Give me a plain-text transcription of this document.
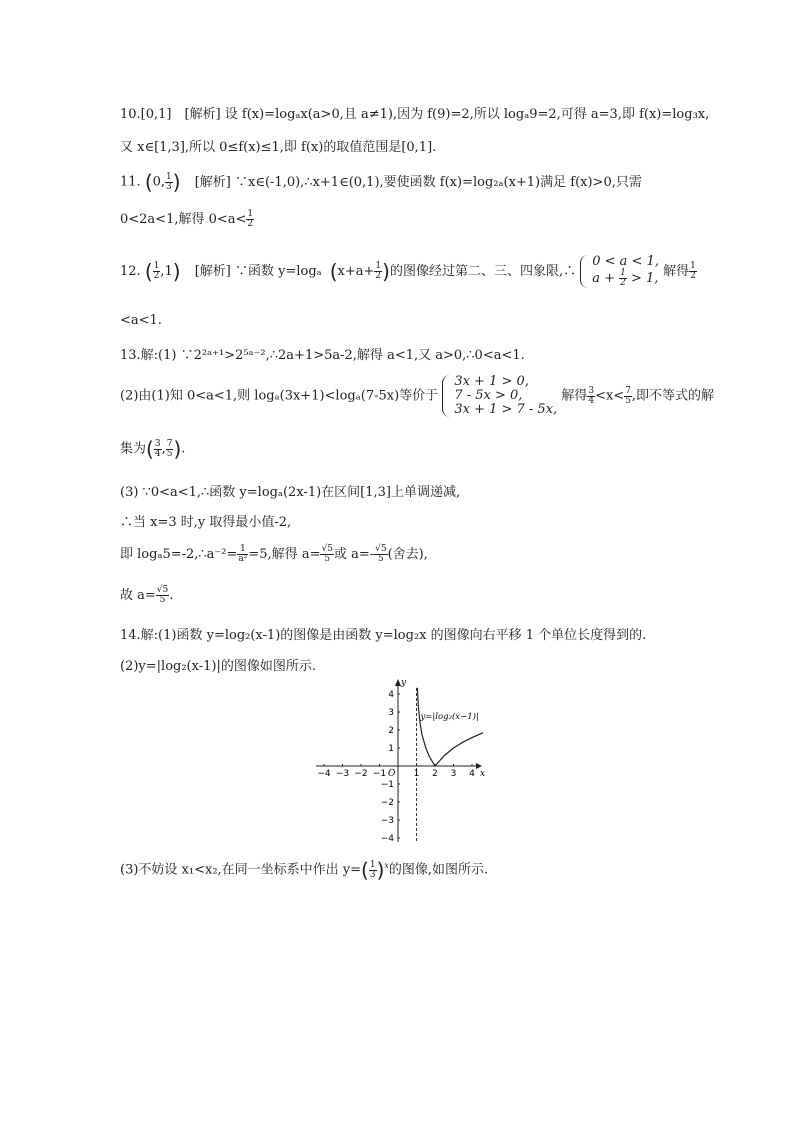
10.[0,1]　[解析] 设 f(x)=logₐx(a>0,且 a≠1),因为 f(9)=2,所以 logₐ9=2,可得 a=3,即 f(x)=log₃x,
又 x∈[1,3],所以 0≤f(x)≤1,即 f(x)的取值范围是[0,1].
11. (0, $\frac{1}{3}$ ) [解析] ∵x∈(-1,0),∴x+1∈(0,1),要使函数 f(x)=log₂ₐ(x+1)满足 f(x)>0,只需
0<2a<1,解得 $0<a< \frac{1}{2}$
12. ( $\frac{1}{2} ,1$) [解析] ∵函数 y=logₐ ($x+a+ \frac{1}{2}$ )的图像经过第二、三、四象限,∴
0 < a < 1,
$a + \frac{1}{2} > 1$, 解得 $\frac{1}{2}$
<a<1.
13.解:(1) ∵2²ᵃ⁺¹>2⁵ᵃ⁻²,∴2a+1>5a-2,解得 a<1,又 a>0,∴0<a<1.
(2)由(1)知 0<a<1,则 logₐ(3x+1)<logₐ(7-5x)等价于
3x + 1 > 0,
7 - 5x > 0,
3x + 1 > 7 - 5x,
解得 $\frac{3}{4} <x< \frac{7}{5}$ ,即不等式的解
集为( $\frac{3}{4}$ , $\frac{7}{5}$ ).
(3) ∵0<a<1,∴函数 y=logₐ(2x-1)在区间[1,3]上单调递减,
∴当 x=3 时,y 取得最小值-2,
即 logₐ5=-2,∴a⁻²= $\frac{1}{\text{a²}} =5$,解得 $a= \frac{√5}{5}$ 或 $a=- \frac{√5}{5}$ (舍去),
故 $a= \frac{√5}{5}$ .
14.解:(1)函数 y=log₂(x-1)的图像是由函数 y=log₂x 的图像向右平移 1 个单位长度得到的.
(2)y=|log₂(x-1)|的图像如图所示.
x
y
O
−4 −3 −2 −1	1 2 3 4
4
3
2
1
−1
−2
−3
−4
y=|log₂(x−1)|
(3)不妨设 x₁<x₂,在同一坐标系中作出 $y=( \frac{1}{3} )^x$的图像,如图所示.
